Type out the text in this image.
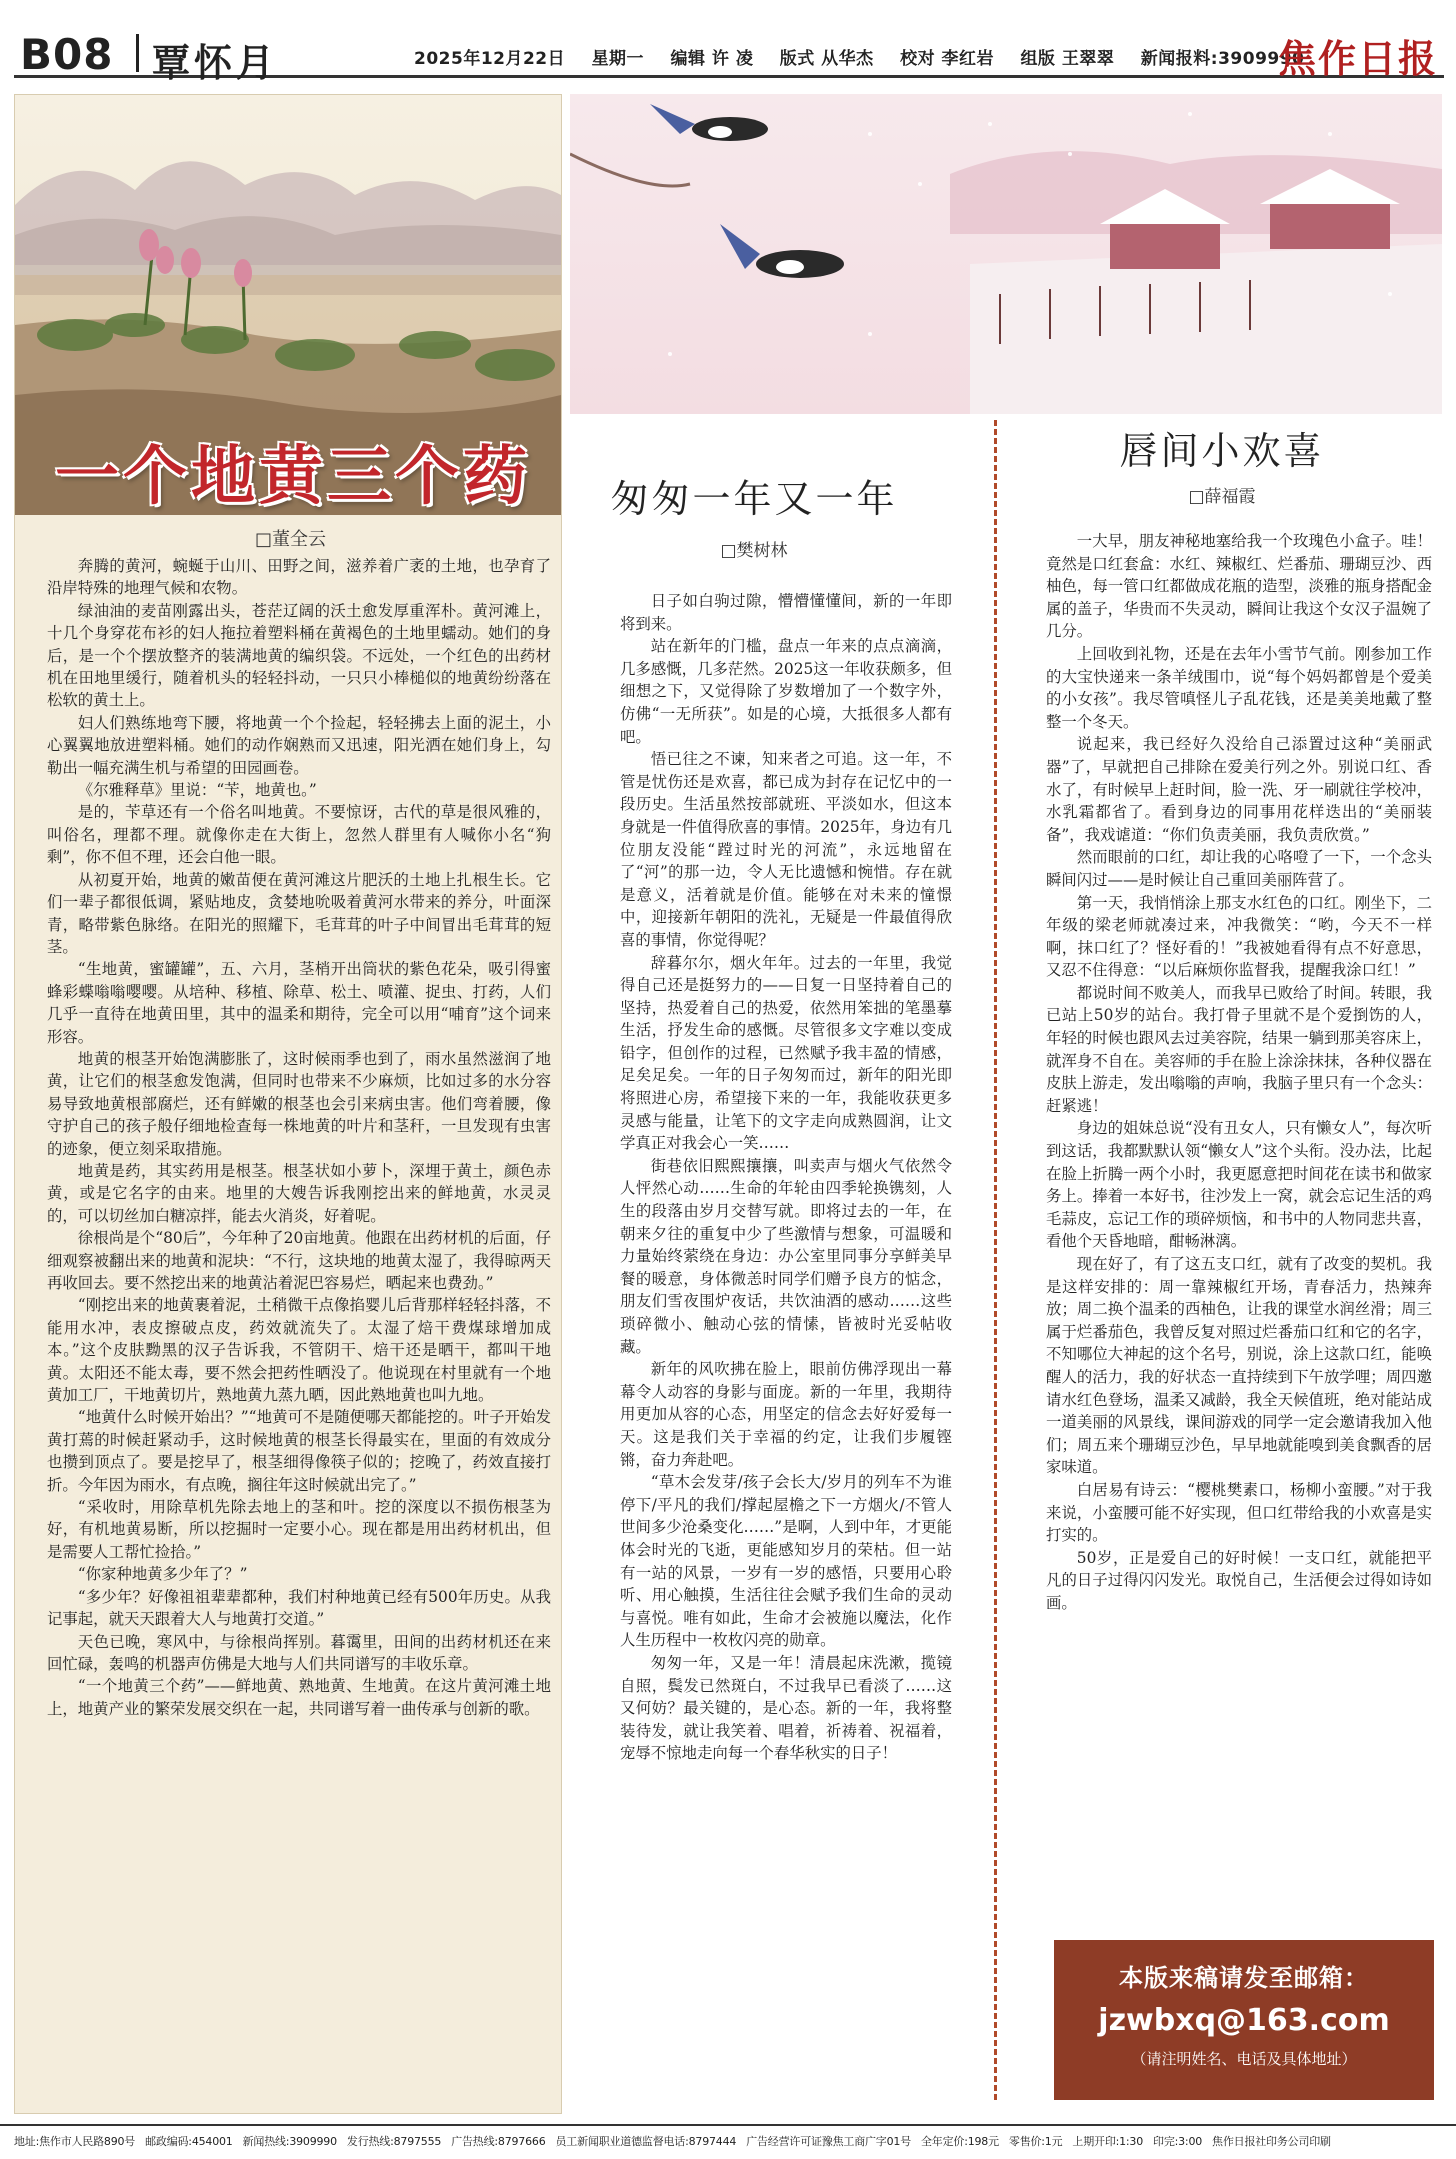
B08 覃怀月	2025年12月22日 星期一 编辑 许 凌 版式 从华杰 校对 李红岩 组版 王翠翠 新闻报料:3909990
焦作日报
一个地黄三个药
□董全云

奔腾的黄河，蜿蜒于山川、田野之间，滋养着广袤的土地，也孕育了沿岸特殊的地理气候和农物。

绿油油的麦苗刚露出头，苍茫辽阔的沃土愈发厚重浑朴。黄河滩上，十几个身穿花布衫的妇人拖拉着塑料桶在黄褐色的土地里蠕动。她们的身后，是一个个摆放整齐的装满地黄的编织袋。不远处，一个红色的出药材机在田地里缓行，随着机头的轻轻抖动，一只只小棒槌似的地黄纷纷落在松软的黄土上。

妇人们熟练地弯下腰，将地黄一个个捡起，轻轻拂去上面的泥土，小心翼翼地放进塑料桶。她们的动作娴熟而又迅速，阳光洒在她们身上，勾勒出一幅充满生机与希望的田园画卷。

《尔雅释草》里说：“苄，地黄也。”

是的，苄草还有一个俗名叫地黄。不要惊讶，古代的草是很风雅的，叫俗名，理都不理。就像你走在大街上，忽然人群里有人喊你小名“狗剩”，你不但不理，还会白他一眼。

从初夏开始，地黄的嫩苗便在黄河滩这片肥沃的土地上扎根生长。它们一辈子都很低调，紧贴地皮，贪婪地吮吸着黄河水带来的养分，叶面深青，略带紫色脉络。在阳光的照耀下，毛茸茸的叶子中间冒出毛茸茸的短茎。

“生地黄，蜜罐罐”，五、六月，茎梢开出筒状的紫色花朵，吸引得蜜蜂彩蝶嗡嗡嘤嘤。从培种、移植、除草、松土、喷灌、捉虫、打药，人们几乎一直待在地黄田里，其中的温柔和期待，完全可以用“哺育”这个词来形容。

地黄的根茎开始饱满膨胀了，这时候雨季也到了，雨水虽然滋润了地黄，让它们的根茎愈发饱满，但同时也带来不少麻烦，比如过多的水分容易导致地黄根部腐烂，还有鲜嫩的根茎也会引来病虫害。他们弯着腰，像守护自己的孩子般仔细地检查每一株地黄的叶片和茎秆，一旦发现有虫害的迹象，便立刻采取措施。

地黄是药，其实药用是根茎。根茎状如小萝卜，深埋于黄土，颜色赤黄，或是它名字的由来。地里的大嫂告诉我刚挖出来的鲜地黄，水灵灵的，可以切丝加白糖凉拌，能去火消炎，好着呢。

徐根尚是个“80后”，今年种了20亩地黄。他跟在出药材机的后面，仔细观察被翻出来的地黄和泥块：“不行，这块地的地黄太湿了，我得晾两天再收回去。要不然挖出来的地黄沾着泥巴容易烂，晒起来也费劲。”

“刚挖出来的地黄裹着泥，土稍微干点像掐婴儿后背那样轻轻抖落，不能用水冲，表皮擦破点皮，药效就流失了。太湿了焙干费煤球增加成本。”这个皮肤黝黑的汉子告诉我，不管阴干、焙干还是晒干，都叫干地黄。太阳还不能太毒，要不然会把药性晒没了。他说现在村里就有一个地黄加工厂，干地黄切片，熟地黄九蒸九晒，因此熟地黄也叫九地。

“地黄什么时候开始出？”“地黄可不是随便哪天都能挖的。叶子开始发黄打蔫的时候赶紧动手，这时候地黄的根茎长得最实在，里面的有效成分也攒到顶点了。要是挖早了，根茎细得像筷子似的；挖晚了，药效直接打折。今年因为雨水，有点晚，搁往年这时候就出完了。”

“采收时，用除草机先除去地上的茎和叶。挖的深度以不损伤根茎为好，有机地黄易断，所以挖掘时一定要小心。现在都是用出药材机出，但是需要人工帮忙捡拾。”

“你家种地黄多少年了？”

“多少年？好像祖祖辈辈都种，我们村种地黄已经有500年历史。从我记事起，就天天跟着大人与地黄打交道。”

天色已晚，寒风中，与徐根尚挥别。暮霭里，田间的出药材机还在来回忙碌，轰鸣的机器声仿佛是大地与人们共同谱写的丰收乐章。

“一个地黄三个药”——鲜地黄、熟地黄、生地黄。在这片黄河滩土地上，地黄产业的繁荣发展交织在一起，共同谱写着一曲传承与创新的歌。

匆匆一年又一年
□樊树林

日子如白驹过隙，懵懵懂懂间，新的一年即将到来。

站在新年的门槛，盘点一年来的点点滴滴，几多感慨，几多茫然。2025这一年收获颇多，但细想之下，又觉得除了岁数增加了一个数字外，仿佛“一无所获”。如是的心境，大抵很多人都有吧。

悟已往之不谏，知来者之可追。这一年，不管是忧伤还是欢喜，都已成为封存在记忆中的一段历史。生活虽然按部就班、平淡如水，但这本身就是一件值得欣喜的事情。2025年，身边有几位朋友没能“蹚过时光的河流”，永远地留在了“河”的那一边，令人无比遗憾和惋惜。存在就是意义，活着就是价值。能够在对未来的憧憬中，迎接新年朝阳的洗礼，无疑是一件最值得欣喜的事情，你觉得呢？

辞暮尔尔，烟火年年。过去的一年里，我觉得自己还是挺努力的——日复一日坚持着自己的坚持，热爱着自己的热爱，依然用笨拙的笔墨摹生活，抒发生命的感慨。尽管很多文字难以变成铅字，但创作的过程，已然赋予我丰盈的情感，足矣足矣。一年的日子匆匆而过，新年的阳光即将照进心房，希望接下来的一年，我能收获更多灵感与能量，让笔下的文字走向成熟圆润，让文学真正对我会心一笑……

街巷依旧熙熙攘攘，叫卖声与烟火气依然令人怦然心动……生命的年轮由四季轮换镌刻，人生的段落由岁月交替写就。即将过去的一年，在朝来夕往的重复中少了些激情与想象，可温暖和力量始终萦绕在身边：办公室里同事分享鲜美早餐的暖意，身体微恙时同学们赠予良方的惦念，朋友们雪夜围炉夜话，共饮油酒的感动……这些琐碎微小、触动心弦的情愫，皆被时光妥帖收藏。

新年的风吹拂在脸上，眼前仿佛浮现出一幕幕令人动容的身影与面庞。新的一年里，我期待用更加从容的心态，用坚定的信念去好好爱每一天。这是我们关于幸福的约定，让我们步履铿锵，奋力奔赴吧。

“草木会发芽/孩子会长大/岁月的列车不为谁停下/平凡的我们/撑起屋檐之下一方烟火/不管人世间多少沧桑变化……”是啊，人到中年，才更能体会时光的飞逝，更能感知岁月的荣枯。但一站有一站的风景，一岁有一岁的感悟，只要用心聆听、用心触摸，生活往往会赋予我们生命的灵动与喜悦。唯有如此，生命才会被施以魔法，化作人生历程中一枚枚闪亮的勋章。

匆匆一年，又是一年！清晨起床洗漱，揽镜自照，鬓发已然斑白，不过我早已看淡了……这又何妨？最关键的，是心态。新的一年，我将整装待发，就让我笑着、唱着，祈祷着、祝福着，宠辱不惊地走向每一个春华秋实的日子！

唇间小欢喜
□薛福霞

一大早，朋友神秘地塞给我一个玫瑰色小盒子。哇！竟然是口红套盒：水红、辣椒红、烂番茄、珊瑚豆沙、西柚色，每一管口红都做成花瓶的造型，淡雅的瓶身搭配金属的盖子，华贵而不失灵动，瞬间让我这个女汉子温婉了几分。

上回收到礼物，还是在去年小雪节气前。刚参加工作的大宝快递来一条羊绒围巾，说“每个妈妈都曾是个爱美的小女孩”。我尽管嗔怪儿子乱花钱，还是美美地戴了整整一个冬天。

说起来，我已经好久没给自己添置过这种“美丽武器”了，早就把自己排除在爱美行列之外。别说口红、香水了，有时候早上赶时间，脸一洗、牙一刷就往学校冲，水乳霜都省了。看到身边的同事用花样迭出的“美丽装备”，我戏谑道：“你们负责美丽，我负责欣赏。”

然而眼前的口红，却让我的心咯噔了一下，一个念头瞬间闪过——是时候让自己重回美丽阵营了。

第一天，我悄悄涂上那支水红色的口红。刚坐下，二年级的梁老师就凑过来，冲我微笑：“哟，今天不一样啊，抹口红了？怪好看的！”我被她看得有点不好意思，又忍不住得意：“以后麻烦你监督我，提醒我涂口红！”

都说时间不败美人，而我早已败给了时间。转眼，我已站上50岁的站台。我打骨子里就不是个爱捯饬的人，年轻的时候也跟风去过美容院，结果一躺到那美容床上，就浑身不自在。美容师的手在脸上涂涂抹抹，各种仪器在皮肤上游走，发出嗡嗡的声响，我脑子里只有一个念头：赶紧逃！

身边的姐妹总说“没有丑女人，只有懒女人”，每次听到这话，我都默默认领“懒女人”这个头衔。没办法，比起在脸上折腾一两个小时，我更愿意把时间花在读书和做家务上。捧着一本好书，往沙发上一窝，就会忘记生活的鸡毛蒜皮，忘记工作的琐碎烦恼，和书中的人物同悲共喜，看他个天昏地暗，酣畅淋漓。

现在好了，有了这五支口红，就有了改变的契机。我是这样安排的：周一靠辣椒红开场，青春活力，热辣奔放；周二换个温柔的西柚色，让我的课堂水润丝滑；周三属于烂番茄色，我曾反复对照过烂番茄口红和它的名字，不知哪位大神起的这个名号，别说，涂上这款口红，能唤醒人的活力，我的好状态一直持续到下午放学哩；周四邀请水红色登场，温柔又减龄，我全天候值班，绝对能站成一道美丽的风景线，课间游戏的同学一定会邀请我加入他们；周五来个珊瑚豆沙色，早早地就能嗅到美食飘香的居家味道。

白居易有诗云：“樱桃樊素口，杨柳小蛮腰。”对于我来说，小蛮腰可能不好实现，但口红带给我的小欢喜是实打实的。

50岁，正是爱自己的好时候！一支口红，就能把平凡的日子过得闪闪发光。取悦自己，生活便会过得如诗如画。

本版来稿请发至邮箱：
jzwbxq@163.com
（请注明姓名、电话及具体地址）
地址:焦作市人民路890号 邮政编码:454001 新闻热线:3909990 发行热线:8797555 广告热线:8797666 员工新闻职业道德监督电话:8797444 广告经营许可证豫焦工商广字01号 全年定价:198元 零售价:1元 上期开印:1:30 印完:3:00 焦作日报社印务公司印刷
